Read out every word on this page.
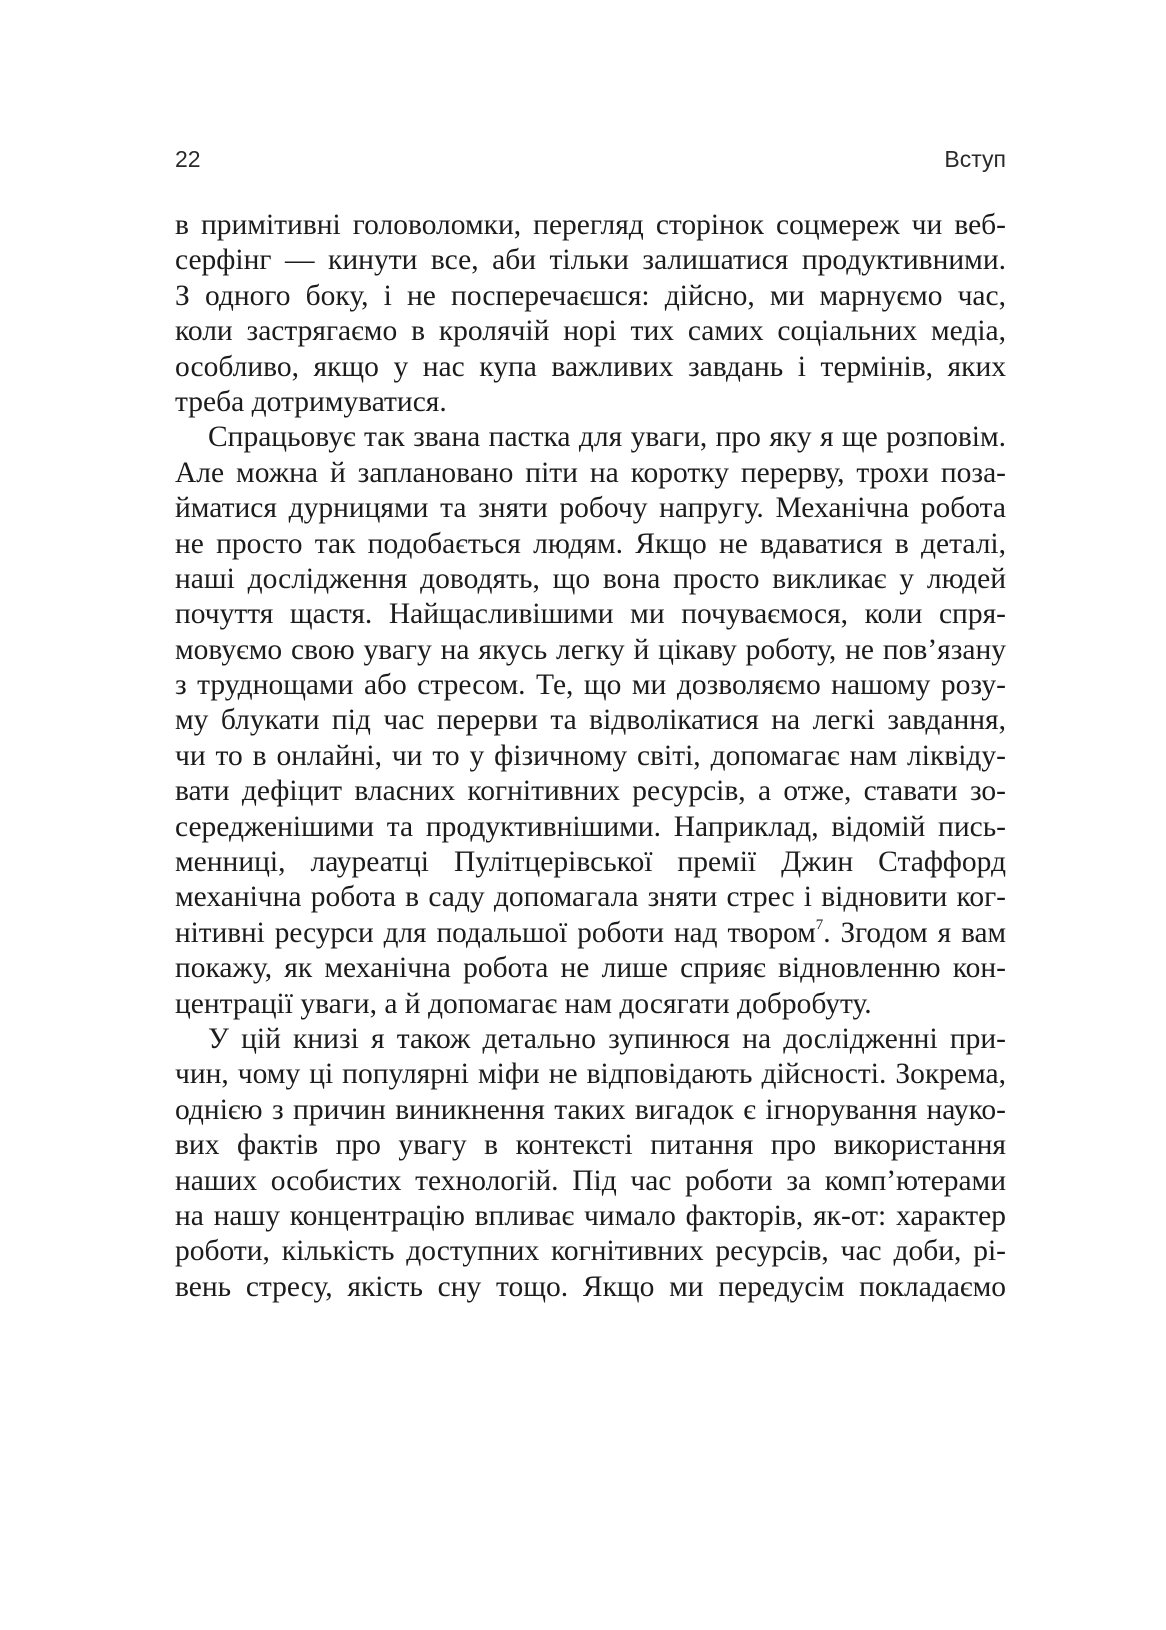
22	Вступ
в примітивні головоломки, перегляд сторінок соцмереж чи веб-
серфінг — кинути все, аби тільки залишатися продуктивними.
З одного боку, і не посперечаєшся: дійсно, ми марнуємо час,
коли застрягаємо в кролячій норі тих самих соціальних медіа,
особливо, якщо у нас купа важливих завдань і термінів, яких
треба дотримуватися.
Спрацьовує так звана пастка для уваги, про яку я ще розповім.
Але можна й заплановано піти на коротку перерву, трохи поза-
йматися дурницями та зняти робочу напругу. Механічна робота
не просто так подобається людям. Якщо не вдаватися в деталі,
наші дослідження доводять, що вона просто викликає у людей
почуття щастя. Найщасливішими ми почуваємося, коли спря-
мовуємо свою увагу на якусь легку й цікаву роботу, не пов’язану
з труднощами або стресом. Те, що ми дозволяємо нашому розу-
му блукати під час перерви та відволікатися на легкі завдання,
чи то в онлайні, чи то у фізичному світі, допомагає нам ліквіду-
вати дефіцит власних когнітивних ресурсів, а отже, ставати зо-
середженішими та продуктивнішими. Наприклад, відомій пись-
менниці, лауреатці Пулітцерівської премії Джин Стаффорд
механічна робота в саду допомагала зняти стрес і відновити ког-
нітивні ресурси для подальшої роботи над твором$^7$. Згодом я вам
покажу, як механічна робота не лише сприяє відновленню кон-
центрації уваги, а й допомагає нам досягати добробуту.
У цій книзі я також детально зупинюся на дослідженні при-
чин, чому ці популярні міфи не відповідають дійсності. Зокрема,
однією з причин виникнення таких вигадок є ігнорування науко-
вих фактів про увагу в контексті питання про використання
наших особистих технологій. Під час роботи за комп’ютерами
на нашу концентрацію впливає чимало факторів, як-от: характер
роботи, кількість доступних когнітивних ресурсів, час доби, рі-
вень стресу, якість сну тощо. Якщо ми передусім покладаємо
